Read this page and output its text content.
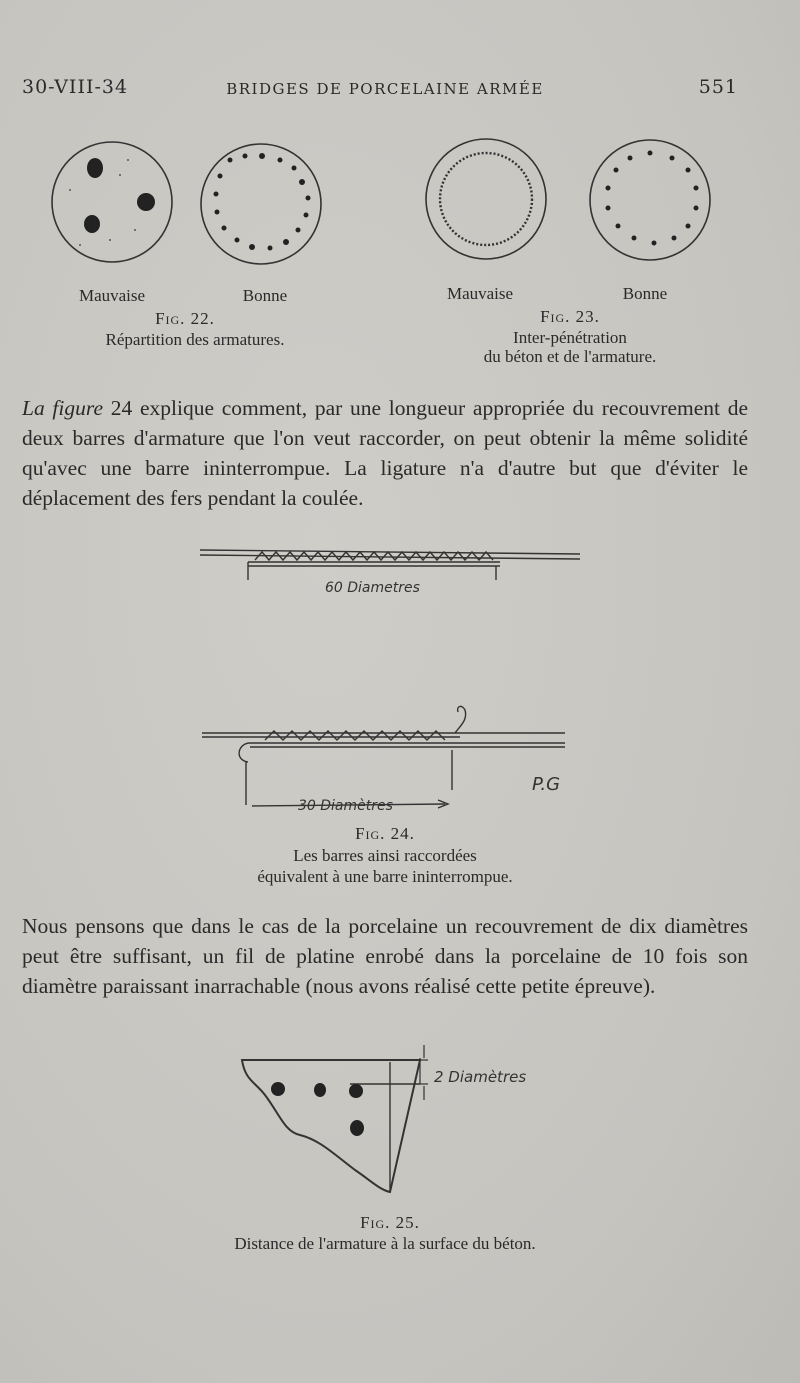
30-VIII-34	BRIDGES DE PORCELAINE ARMÉE	551
Mauvaise	Bonne
Fig. 22.
Répartition des armatures.
Mauvaise	Bonne
Fig. 23.
Inter-pénétration
du béton et de l'armature.
La figure 24 explique comment, par une longueur appropriée du recouvrement de deux barres d'armature que l'on veut raccorder, on peut obtenir la même solidité qu'avec une barre ininterrompue. La ligature n'a d'autre but que d'éviter le déplacement des fers pendant la coulée.
60 Diametres
30 Diamètres
P.G
Fig. 24.
Les barres ainsi raccordées
équivalent à une barre ininterrompue.
Nous pensons que dans le cas de la porcelaine un recouvrement de dix diamètres peut être suffisant, un fil de platine enrobé dans la porcelaine de 10 fois son diamètre paraissant inarrachable (nous avons réalisé cette petite épreuve).
2 Diamètres
Fig. 25.
Distance de l'armature à la surface du béton.
